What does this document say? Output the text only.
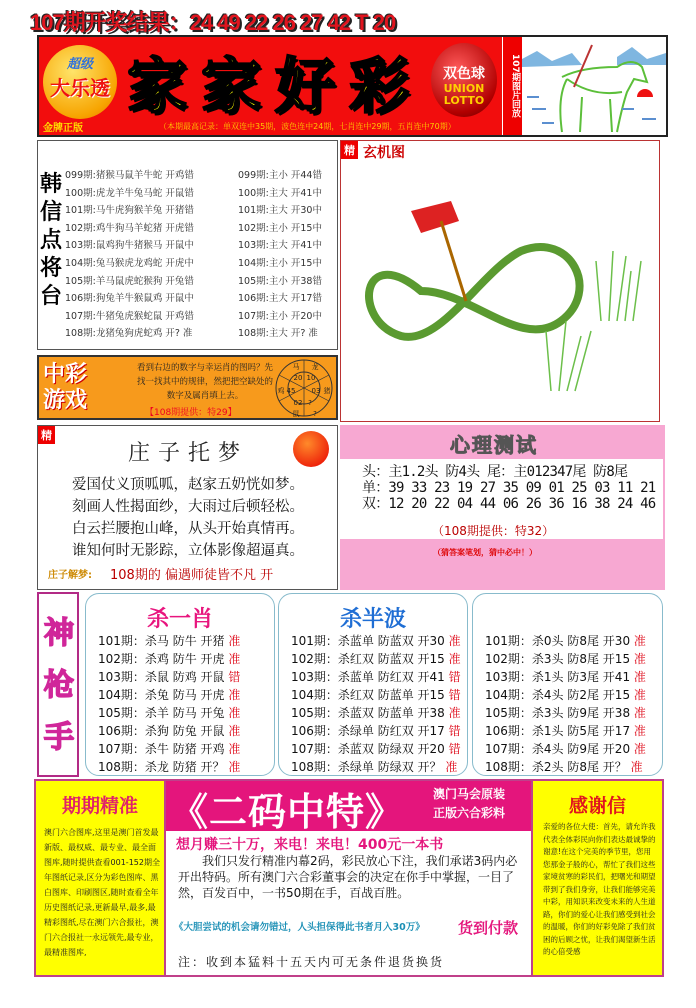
107期开奖结果：24 49 22 26 27 42 T 20
超级
大乐透
金牌正版
家家好彩
（本期最高记录：单双连中35期，波色连中24期，七肖连中29期，五肖连中70期）
双色球
UNION
LOTTO	107期图片回放
韩信点将台
099期:猪猴马鼠羊牛蛇 开鸡错	099期:主小 开44错
100期:虎龙羊牛兔马蛇 开鼠错	100期:主大 开41中
101期:马牛虎狗猴羊兔 开猪错	101期:主大 开30中
102期:鸡牛狗马羊蛇猪 开虎错	102期:主小 开15中
103期:鼠鸡狗牛猪猴马 开鼠中	103期:主大 开41中
104期:兔马猴虎龙鸡蛇 开虎中	104期:主小 开15中
105期:羊马鼠虎蛇猴狗 开兔错	105期:主小 开38错
106期:狗兔羊牛猴鼠鸡 开鼠中	106期:主大 开17错
107期:牛猪兔虎猴蛇鼠 开鸡错	107期:主小 开20中
108期:龙猪兔狗虎蛇鸡 开? 准	108期:主大 开? 准
中彩游戏
看到右边的数字与幸运肖的图吗？先找一找其中的规律，然把把空缺处的数字及属肖填上去。
【108期提供：特29】
马 龙
猪
?
鼠
鸡
20 10
03
?
02
45
精
庄子托梦
爱国仗义顶呱呱，赵家五奶恍如梦。
刻画人性揭面纱，大雨过后顿轻松。
白云拦腰抱山峰，从头开始真情再。
谁知何时无影踪，立体影像超逼真。
庄子解梦: 108期的 偏遇师徒皆不凡 开
精 玄机图
心理测试
头：主1.2头 防4头 尾：主012347尾 防8尾
单：39 33 23 19 27 35 09 01 25 03 11 21
双：12 20 22 04 44 06 26 36 16 38 24 46
（108期提供：特32）
（猜答案笔划，猜中必中！）
神枪手
杀一肖
101期：杀马 防牛 开猪 准
102期：杀鸡 防牛 开虎 准
103期：杀鼠 防鸡 开鼠 错
104期：杀兔 防马 开虎 准
105期：杀羊 防马 开兔 准
106期：杀狗 防兔 开鼠 准
107期：杀牛 防猪 开鸡 准
108期：杀龙 防猪 开？ 准
杀半波
101期：杀蓝单 防蓝双 开30 准
102期：杀红双 防蓝双 开15 准
103期：杀蓝单 防红双 开41 错
104期：杀红双 防蓝单 开15 错
105期：杀蓝双 防蓝单 开38 准
106期：杀绿单 防红双 开17 错
107期：杀蓝双 防绿双 开20 错
108期：杀绿单 防绿双 开？ 准
101期：杀0头 防8尾 开30 准
102期：杀3头 防8尾 开15 准
103期：杀1头 防3尾 开41 准
104期：杀4头 防2尾 开15 准
105期：杀3头 防9尾 开38 准
106期：杀1头 防5尾 开17 准
107期：杀4头 防9尾 开20 准
108期：杀2头 防8尾 开？ 准
期期精准
澳门六合图库,这里是澳门首发最新版、最权威、最专业、最全面图库,随时提供查看001-152期全年图纸记录,区分为彩色图库、黑白图库、印刷图区,随时查看全年历史图纸记录,更新最早,最多,最精彩图纸,尽在澳门六合报社，澳门六合报社一永远领先,最专业，最精准图库,
《二码中特》 澳门马会原装
正版六合彩料
想月赚三十万，来电！来电！400元一本书
我们只发行精准内幕2码，彩民放心下注，我们承诺3码内必开出特码。所有澳门六合彩董事会的决定在你手中掌握，一目了然，百发百中，一书50期在手，百战百胜。
《大胆尝试的机会请勿错过，人头担保得此书者月入30万》 货到付款
注：收到本猛料十五天内可无条件退货换货
感谢信
亲爱的各位大使：首先，请允许我代表全体彩民向你们表达最诚挚的谢意!在这个完美的季节里，您用您那金子般的心，帮忙了我们这些家境贫寒的彩民们，把曙光和期望带到了我们身旁，让我们能够完美中彩，用知识来改变未来的人生道路，你们的爱心让我们感受到社会的温暖，你们的好彩免除了我们贫困的后顾之忧，让我们渴望新生活的心倍受感
